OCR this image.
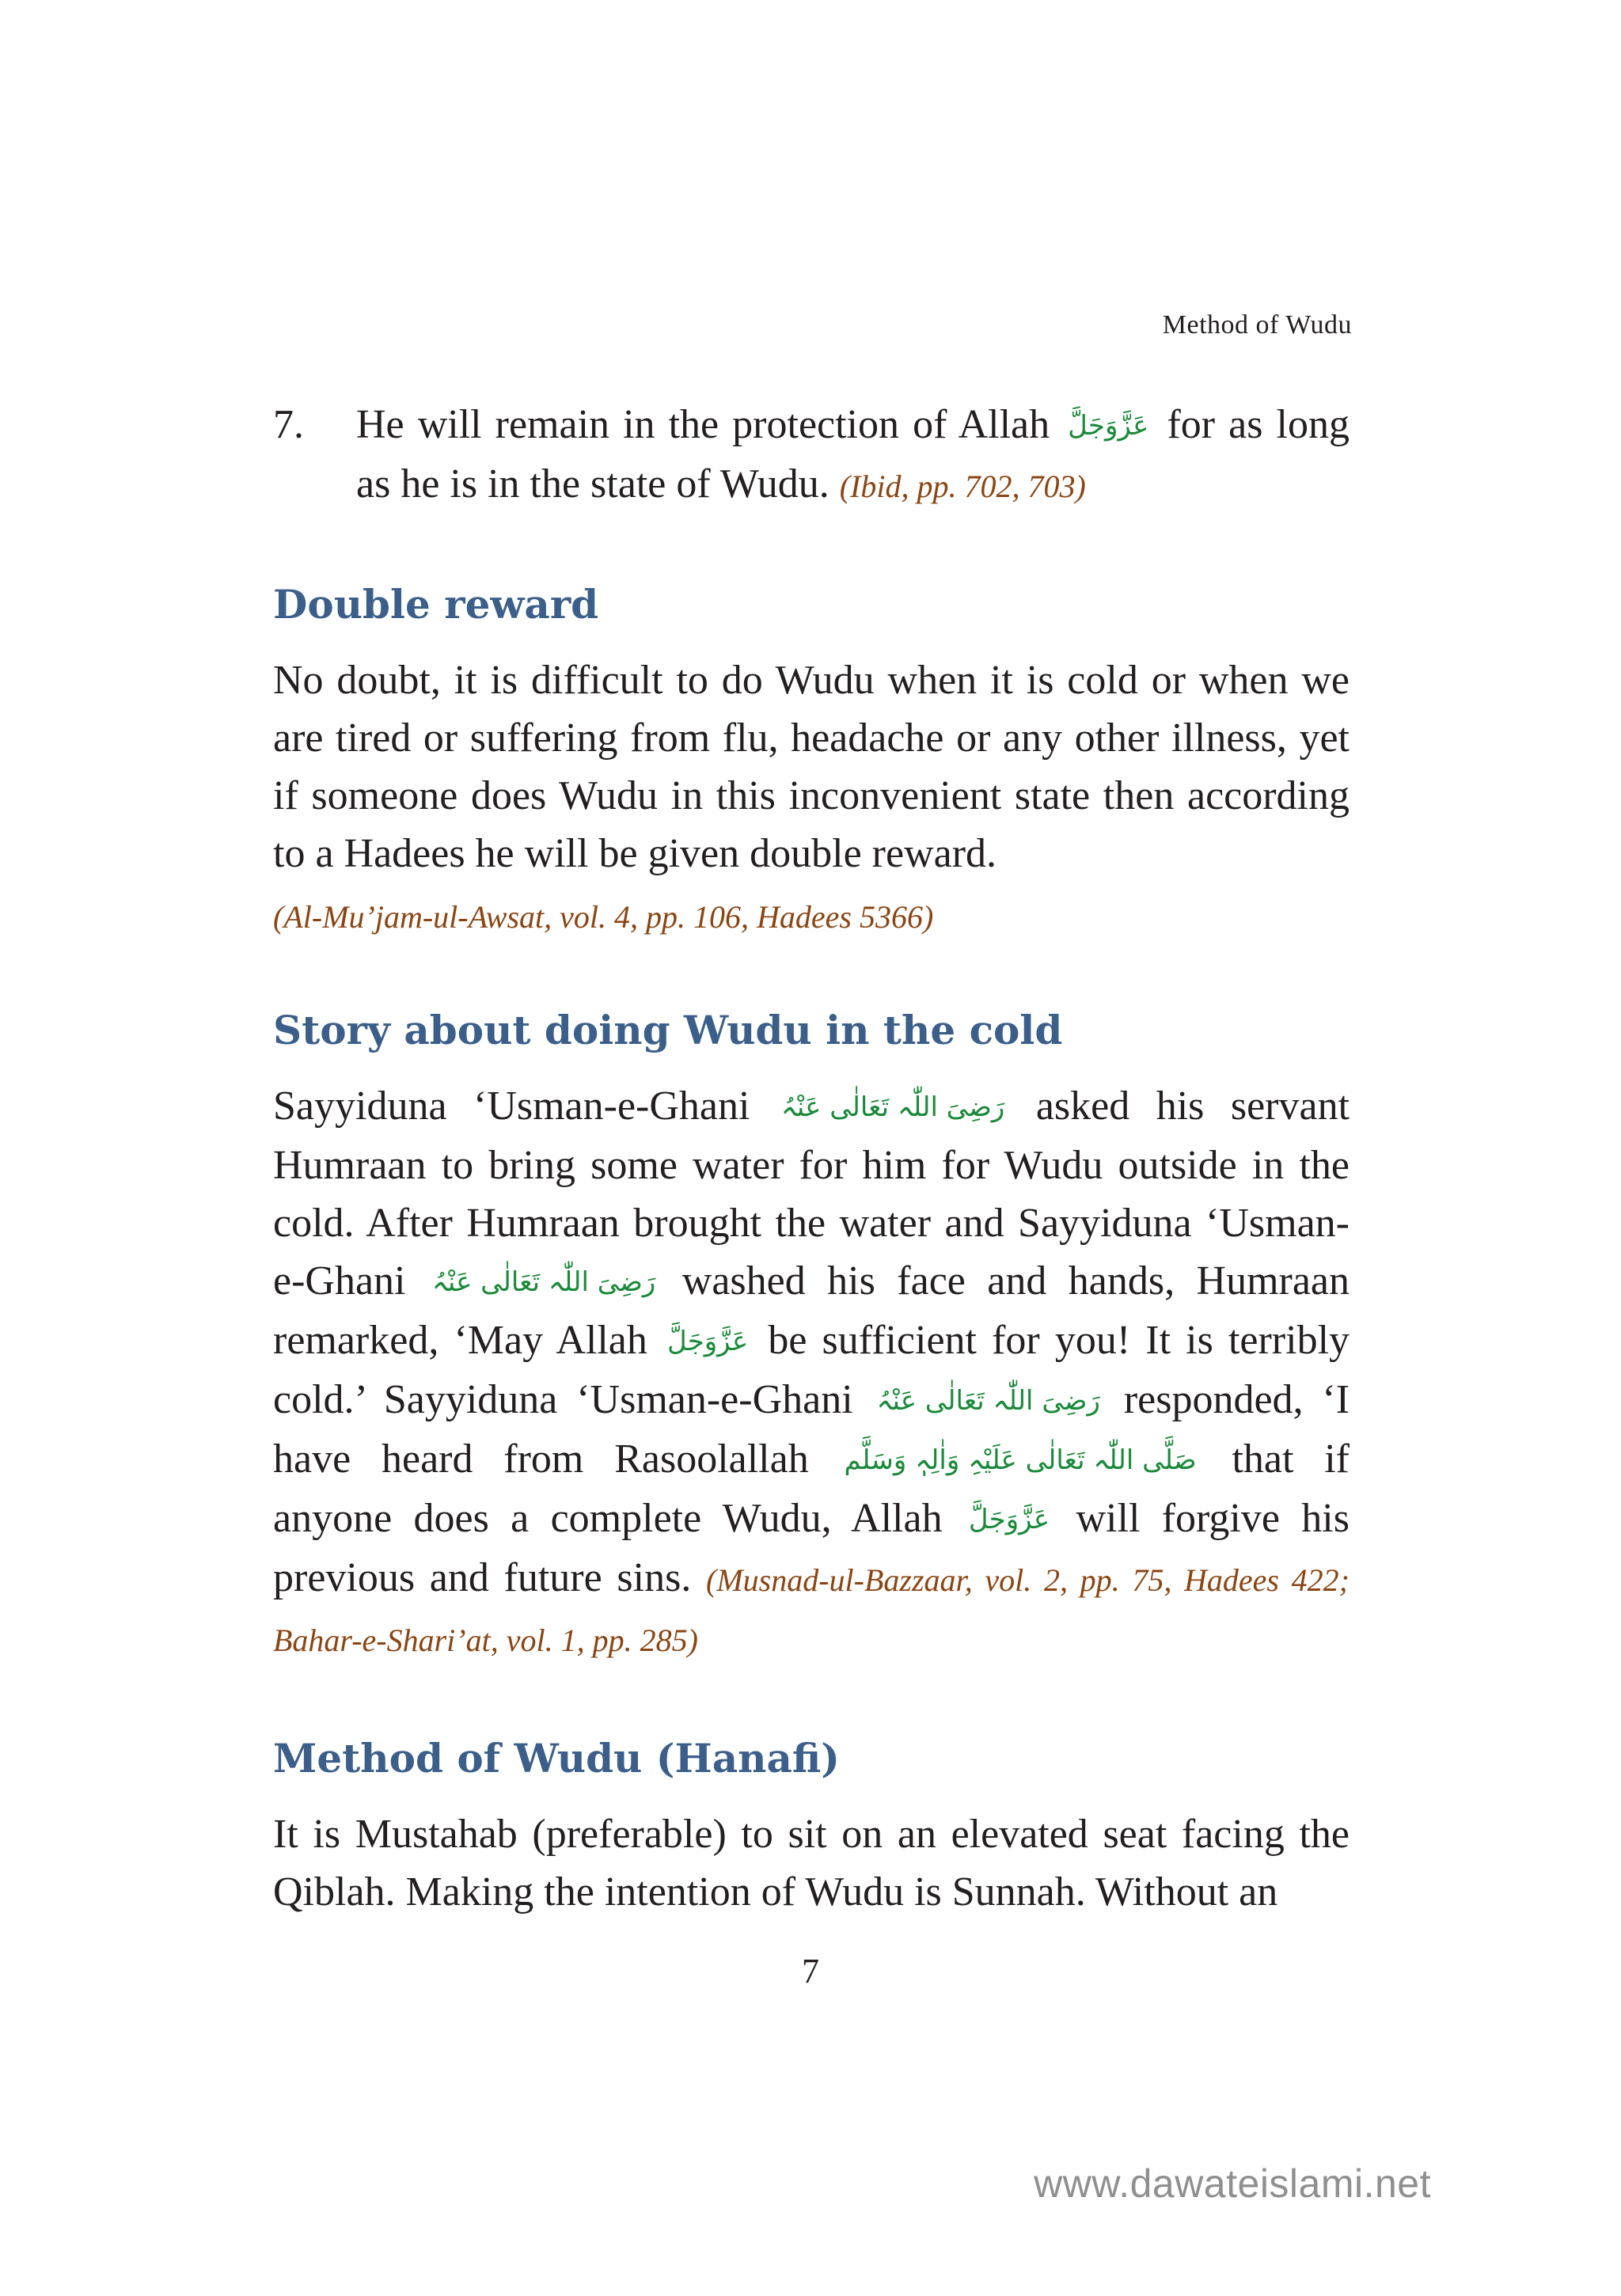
Method of Wudu
7.	He will remain in the protection of Allah عَزَّوَجَلَّ for as long as he is in the state of Wudu. (Ibid, pp. 702, 703)
Double reward

No doubt, it is difficult to do Wudu when it is cold or when we are tired or suffering from flu, headache or any other illness, yet if someone does Wudu in this inconvenient state then according to a Hadees he will be given double reward.

(Al-Mu’jam-ul-Awsat, vol. 4, pp. 106, Hadees 5366)

Story about doing Wudu in the cold

Sayyiduna ‘Usman-e-Ghani رَضِیَ اللّٰہ تَعَالٰی عَنْہُ asked his servant Humraan to bring some water for him for Wudu outside in the cold. After Humraan brought the water and Sayyiduna ‘Usman-e-Ghani رَضِیَ اللّٰہ تَعَالٰی عَنْہُ washed his face and hands, Humraan remarked, ‘May Allah عَزَّوَجَلَّ be sufficient for you! It is terribly cold.’ Sayyiduna ‘Usman-e-Ghani رَضِیَ اللّٰہ تَعَالٰی عَنْہُ responded, ‘I have heard from Rasoolallah صَلَّی اللّٰہ تَعَالٰی عَلَیْہِ وَاٰلِہٖ وَسَلَّم that if anyone does a complete Wudu, Allah عَزَّوَجَلَّ will forgive his previous and future sins. (Musnad-ul-Bazzaar, vol. 2, pp. 75, Hadees 422; Bahar-e-Shari’at, vol. 1, pp. 285)

Method of Wudu (Hanafi)

It is Mustahab (preferable) to sit on an elevated seat facing the Qiblah. Making the intention of Wudu is Sunnah. Without an

7
www.dawateislami.net
